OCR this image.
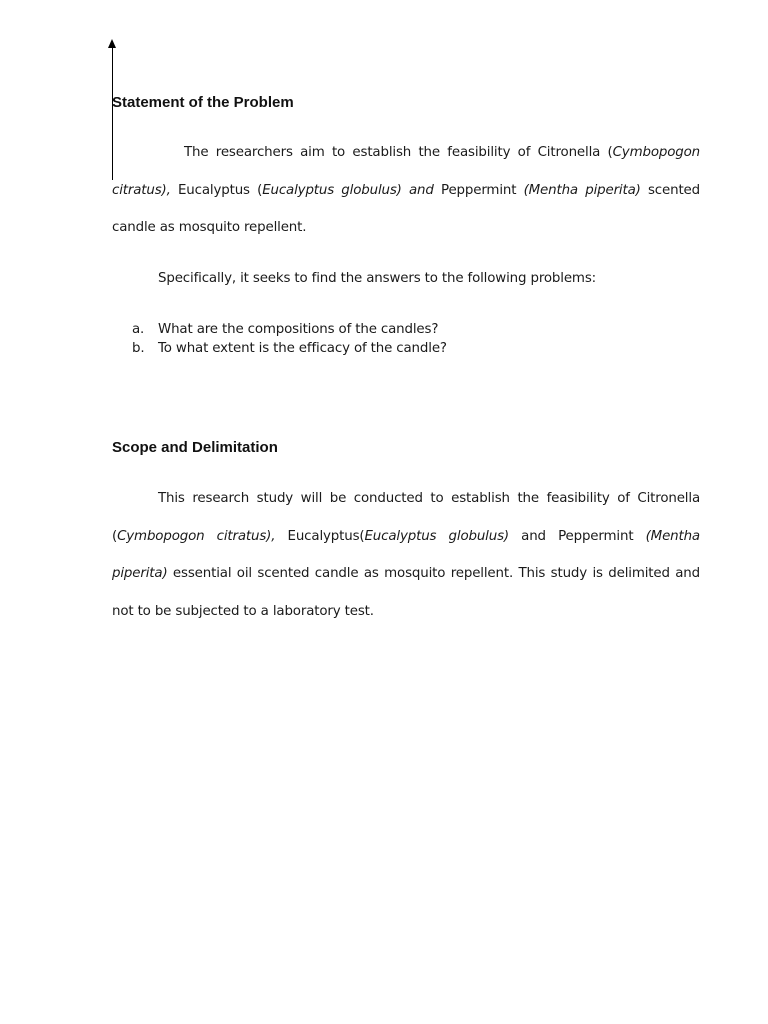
Statement of the Problem

The researchers aim to establish the feasibility of Citronella (Cymbopogon citratus), Eucalyptus (Eucalyptus globulus) and Peppermint (Mentha piperita) scented candle as mosquito repellent.

Specifically, it seeks to find the answers to the following problems:

a.	What are the compositions of the candles?
b.	To what extent is the efficacy of the candle?
Scope and Delimitation

This research study will be conducted to establish the feasibility of Citronella (Cymbopogon citratus), Eucalyptus(Eucalyptus globulus) and Peppermint (Mentha piperita) essential oil scented candle as mosquito repellent. This study is delimited and not to be subjected to a laboratory test.
